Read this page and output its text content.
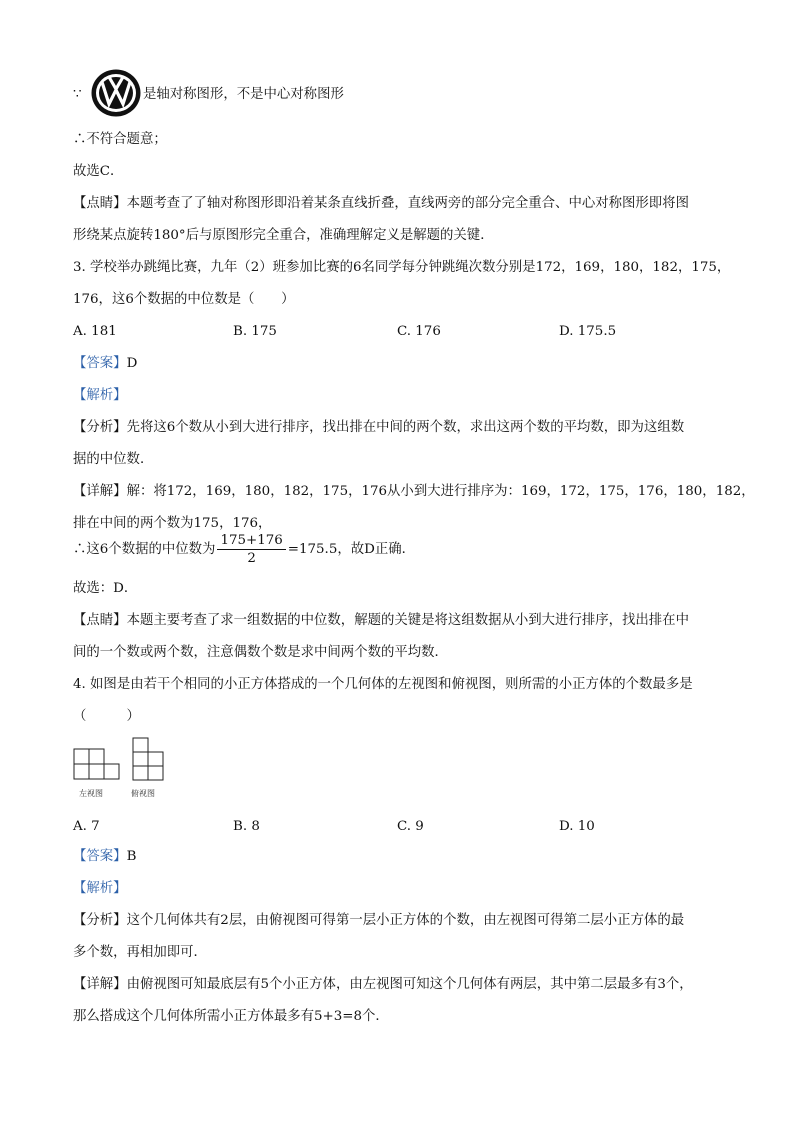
∵	是轴对称图形，不是中心对称图形
∴不符合题意；
故选C．
【点睛】本题考查了了轴对称图形即沿着某条直线折叠，直线两旁的部分完全重合、中心对称图形即将图
形绕某点旋转180°后与原图形完全重合，准确理解定义是解题的关键．
3. 学校举办跳绳比赛，九年（2）班参加比赛的6名同学每分钟跳绳次数分别是172，169，180，182，175，
176，这6个数据的中位数是（　　）
A. 181	B. 175	C. 176	D. 175.5
【答案】D
【解析】
【分析】先将这6个数从小到大进行排序，找出排在中间的两个数，求出这两个数的平均数，即为这组数
据的中位数．
【详解】解：将172，169，180，182，175，176从小到大进行排序为：169，172，175，176，180，182，
排在中间的两个数为175，176，
∴这6个数据的中位数为 $\frac{175+176}{2} =175.5$，故D正确．
故选：D．
【点睛】本题主要考查了求一组数据的中位数，解题的关键是将这组数据从小到大进行排序，找出排在中
间的一个数或两个数，注意偶数个数是求中间两个数的平均数．
4. 如图是由若干个相同的小正方体搭成的一个几何体的左视图和俯视图，则所需的小正方体的个数最多是
（　　　）
左视图	俯视图
A. 7	B. 8	C. 9	D. 10
【答案】B
【解析】
【分析】这个几何体共有2层，由俯视图可得第一层小正方体的个数，由左视图可得第二层小正方体的最
多个数，再相加即可．
【详解】由俯视图可知最底层有5个小正方体，由左视图可知这个几何体有两层，其中第二层最多有3个，
那么搭成这个几何体所需小正方体最多有5+3=8个．
